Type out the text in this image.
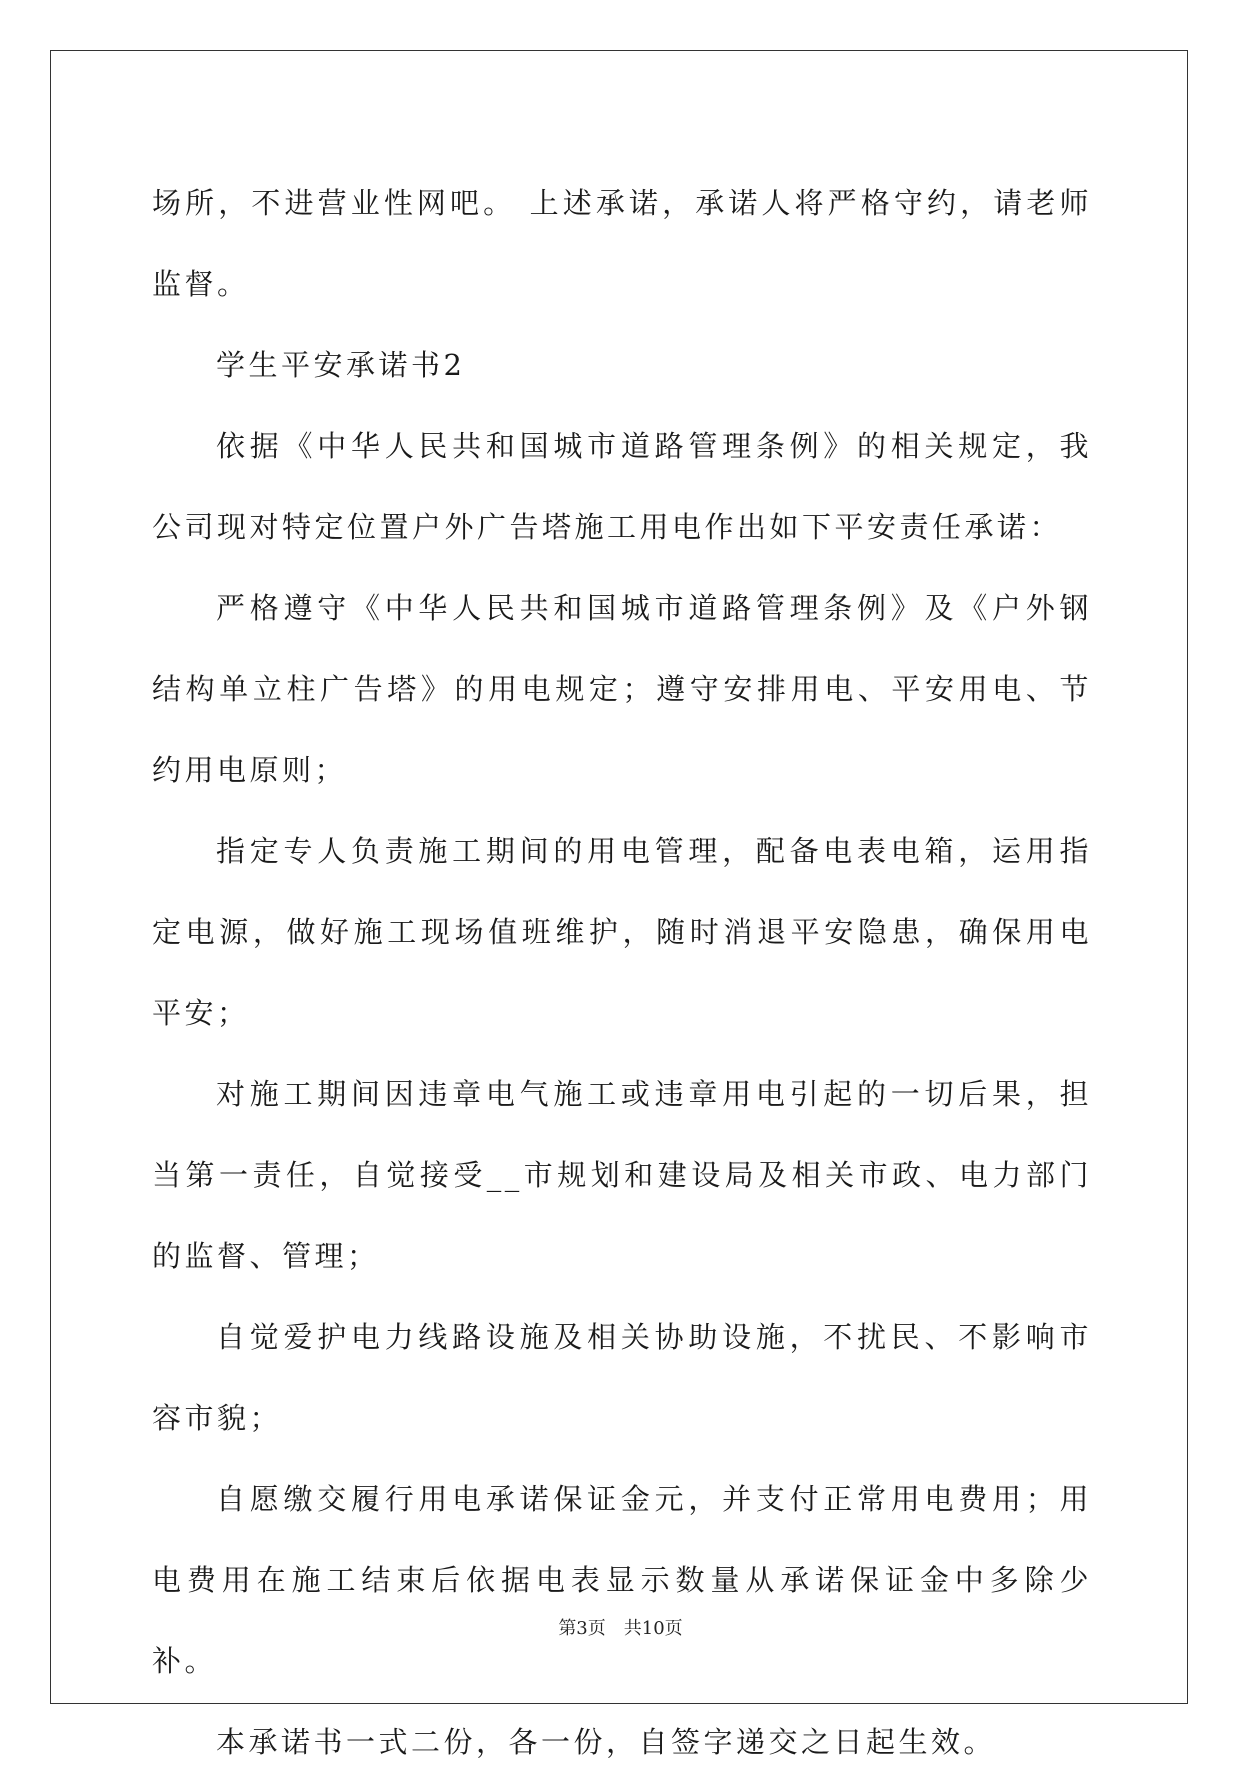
场所，不进营业性网吧。 上述承诺，承诺人将严格守约，请老师监督。

学生平安承诺书2

依据《中华人民共和国城市道路管理条例》的相关规定，我公司现对特定位置户外广告塔施工用电作出如下平安责任承诺：

严格遵守《中华人民共和国城市道路管理条例》及《户外钢结构单立柱广告塔》的用电规定；遵守安排用电、平安用电、节约用电原则；

指定专人负责施工期间的用电管理，配备电表电箱，运用指定电源，做好施工现场值班维护，随时消退平安隐患，确保用电平安；

对施工期间因违章电气施工或违章用电引起的一切后果，担当第一责任，自觉接受__市规划和建设局及相关市政、电力部门的监督、管理；

自觉爱护电力线路设施及相关协助设施，不扰民、不影响市容市貌；

自愿缴交履行用电承诺保证金元，并支付正常用电费用；用电费用在施工结束后依据电表显示数量从承诺保证金中多除少补。

本承诺书一式二份，各一份，自签字递交之日起生效。

第3页　共10页
